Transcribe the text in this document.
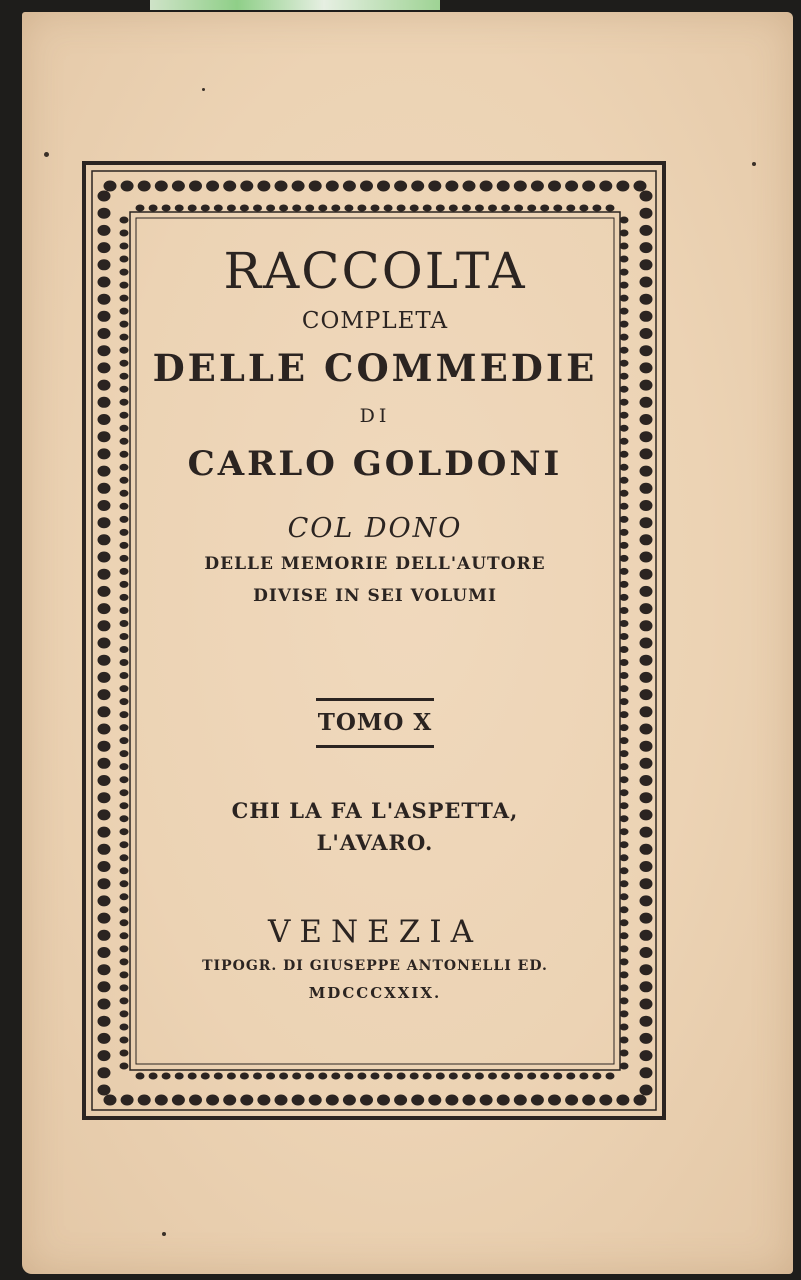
RACCOLTA
COMPLETA
DELLE COMMEDIE
DI
CARLO GOLDONI
COL DONO
DELLE MEMORIE DELL'AUTORE
DIVISE IN SEI VOLUMI
TOMO X
CHI LA FA L'ASPETTA,
L'AVARO.
VENEZIA
TIPOGR. DI GIUSEPPE ANTONELLI ED.
MDCCCXXIX.
